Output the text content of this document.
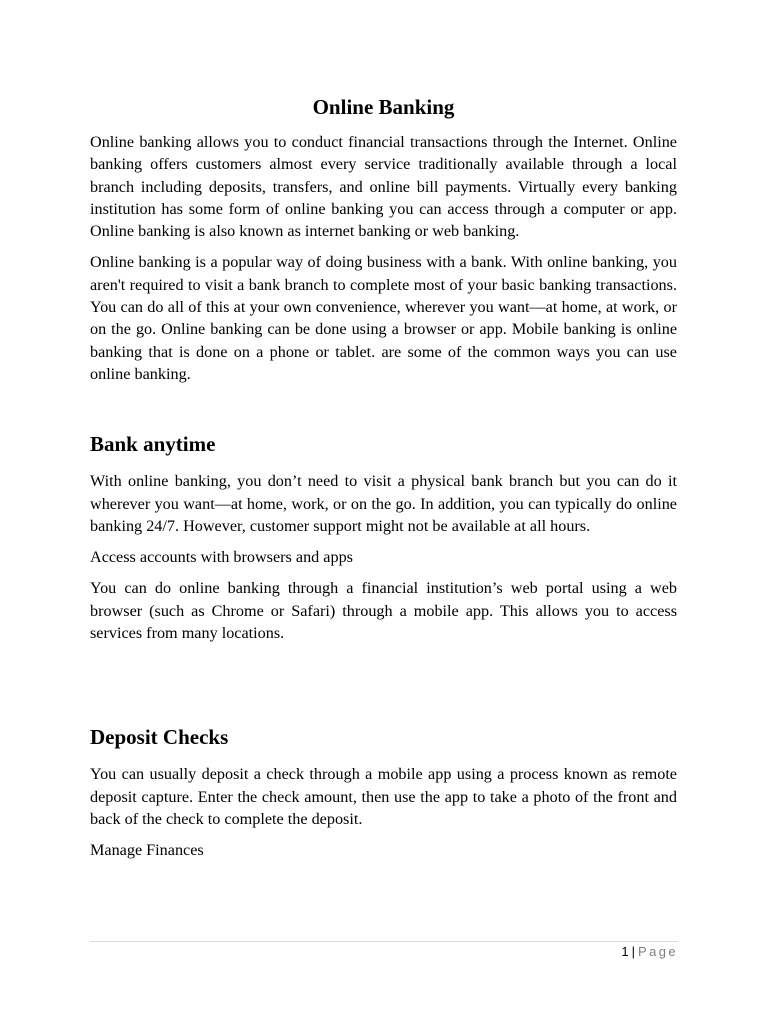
Online Banking

Online banking allows you to conduct financial transactions through the Internet. Online banking offers customers almost every service traditionally available through a local branch including deposits, transfers, and online bill payments. Virtually every banking institution has some form of online banking you can access through a computer or app. Online banking is also known as internet banking or web banking.

Online banking is a popular way of doing business with a bank. With online banking, you aren't required to visit a bank branch to complete most of your basic banking transactions. You can do all of this at your own convenience, wherever you want—at home, at work, or on the go. Online banking can be done using a browser or app. Mobile banking is online banking that is done on a phone or tablet. are some of the common ways you can use online banking.

Bank anytime

With online banking, you don’t need to visit a physical bank branch but you can do it wherever you want—at home, work, or on the go. In addition, you can typically do online banking 24/7. However, customer support might not be available at all hours.

Access accounts with browsers and apps

You can do online banking through a financial institution’s web portal using a web browser (such as Chrome or Safari) through a mobile app. This allows you to access services from many locations.

Deposit Checks

You can usually deposit a check through a mobile app using a process known as remote deposit capture. Enter the check amount, then use the app to take a photo of the front and back of the check to complete the deposit.

Manage Finances

1 | Page
